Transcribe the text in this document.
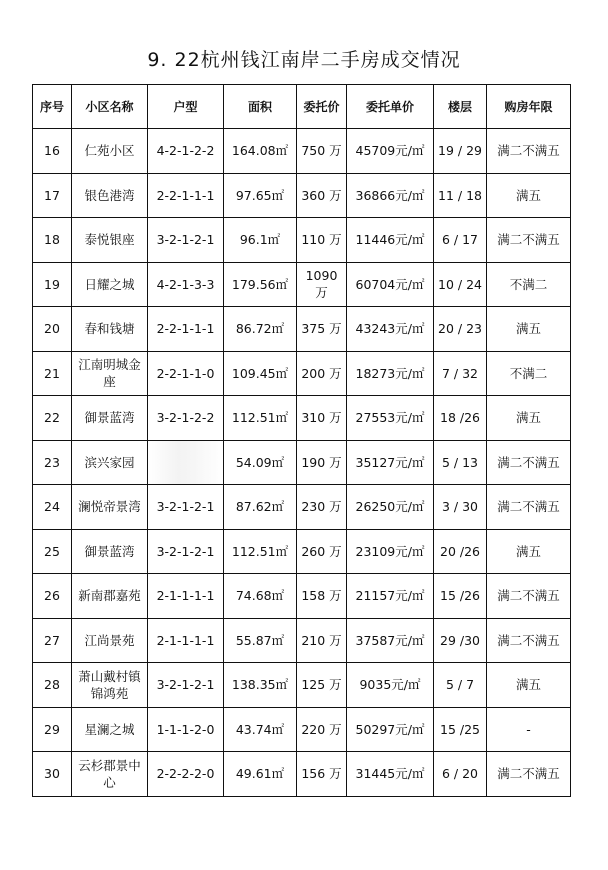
9. 22杭州钱江南岸二手房成交情况
序号	小区名称	户型	面积	委托价	委托单价	楼层	购房年限
16	仁苑小区	4-2-1-2-2	164.08㎡	750 万	45709元/㎡	19 / 29	满二不满五
17	银色港湾	2-2-1-1-1	97.65㎡	360 万	36866元/㎡	11 / 18	满五
18	泰悦银座	3-2-1-2-1	96.1㎡	110 万	11446元/㎡	6 / 17	满二不满五
19	日耀之城	4-2-1-3-3	179.56㎡	1090 万	60704元/㎡	10 / 24	不满二
20	春和钱塘	2-2-1-1-1	86.72㎡	375 万	43243元/㎡	20 / 23	满五
21	江南明城金座	2-2-1-1-0	109.45㎡	200 万	18273元/㎡	7 / 32	不满二
22	御景蓝湾	3-2-1-2-2	112.51㎡	310 万	27553元/㎡	18 /26	满五
23	滨兴家园		54.09㎡	190 万	35127元/㎡	5 / 13	满二不满五
24	澜悦帝景湾	3-2-1-2-1	87.62㎡	230 万	26250元/㎡	3 / 30	满二不满五
25	御景蓝湾	3-2-1-2-1	112.51㎡	260 万	23109元/㎡	20 /26	满五
26	新南郡嘉苑	2-1-1-1-1	74.68㎡	158 万	21157元/㎡	15 /26	满二不满五
27	江尚景苑	2-1-1-1-1	55.87㎡	210 万	37587元/㎡	29 /30	满二不满五
28	萧山戴村镇锦鸿苑	3-2-1-2-1	138.35㎡	125 万	9035元/㎡	5 / 7	满五
29	星澜之城	1-1-1-2-0	43.74㎡	220 万	50297元/㎡	15 /25	-
30	云杉郡景中心	2-2-2-2-0	49.61㎡	156 万	31445元/㎡	6 / 20	满二不满五
